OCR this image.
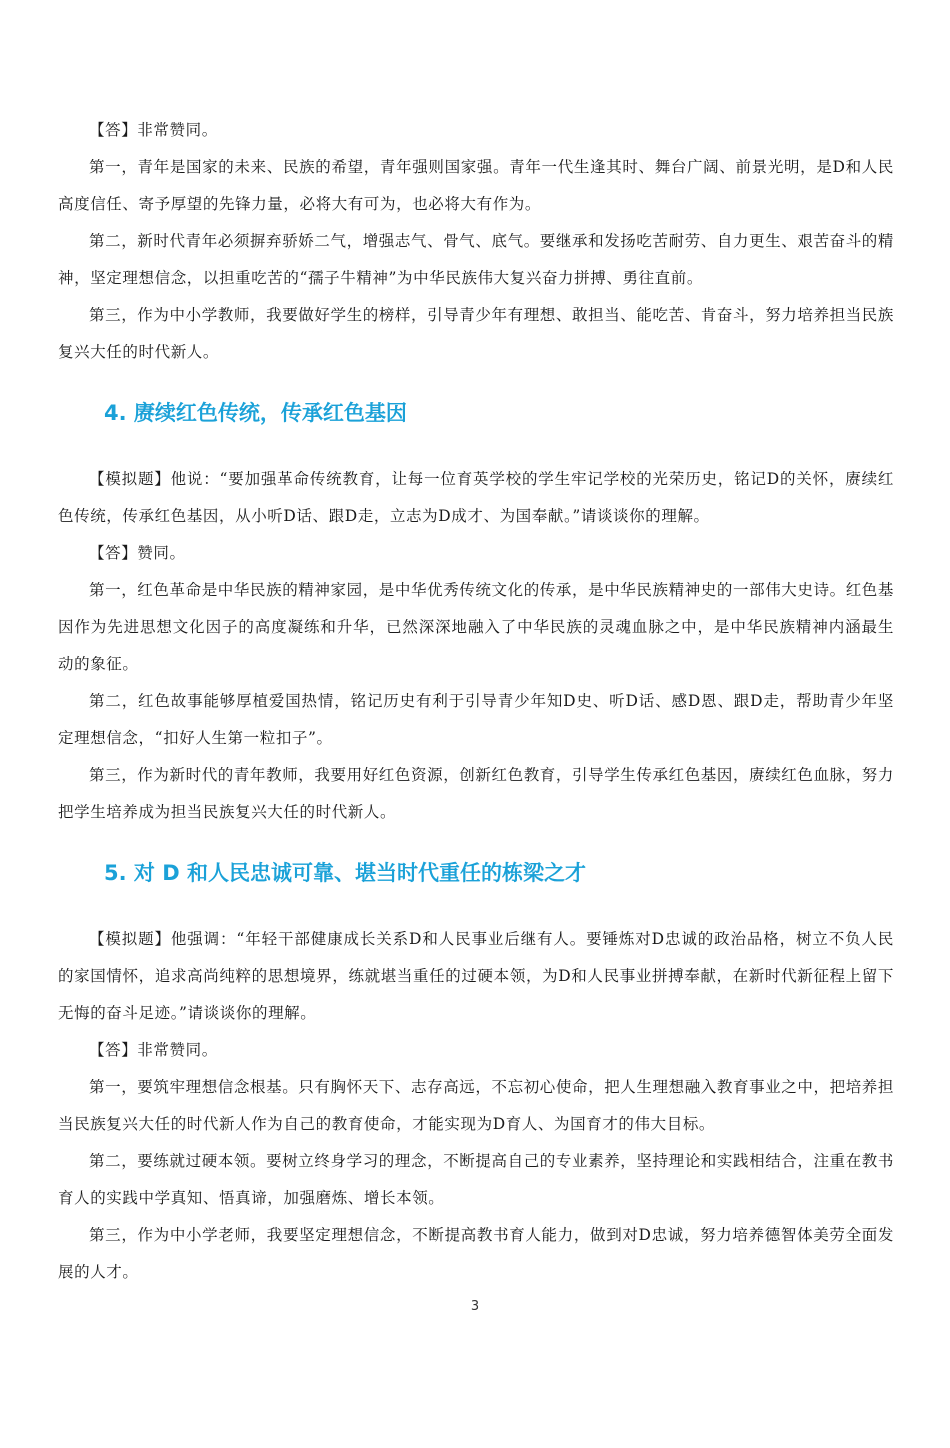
【答】非常赞同。

第一，青年是国家的未来、民族的希望，青年强则国家强。青年一代生逢其时、舞台广阔、前景光明，是D和人民高度信任、寄予厚望的先锋力量，必将大有可为，也必将大有作为。

第二，新时代青年必须摒弃骄娇二气，增强志气、骨气、底气。要继承和发扬吃苦耐劳、自力更生、艰苦奋斗的精神，坚定理想信念，以担重吃苦的“孺子牛精神”为中华民族伟大复兴奋力拼搏、勇往直前。

第三，作为中小学教师，我要做好学生的榜样，引导青少年有理想、敢担当、能吃苦、肯奋斗，努力培养担当民族复兴大任的时代新人。

4. 赓续红色传统，传承红色基因

【模拟题】他说：“要加强革命传统教育，让每一位育英学校的学生牢记学校的光荣历史，铭记D的关怀，赓续红色传统，传承红色基因，从小听D话、跟D走，立志为D成才、为国奉献。”请谈谈你的理解。

【答】赞同。

第一，红色革命是中华民族的精神家园，是中华优秀传统文化的传承，是中华民族精神史的一部伟大史诗。红色基因作为先进思想文化因子的高度凝练和升华，已然深深地融入了中华民族的灵魂血脉之中，是中华民族精神内涵最生动的象征。

第二，红色故事能够厚植爱国热情，铭记历史有利于引导青少年知D史、听D话、感D恩、跟D走，帮助青少年坚定理想信念，“扣好人生第一粒扣子”。

第三，作为新时代的青年教师，我要用好红色资源，创新红色教育，引导学生传承红色基因，赓续红色血脉，努力把学生培养成为担当民族复兴大任的时代新人。

5. 对 D 和人民忠诚可靠、堪当时代重任的栋梁之才

【模拟题】他强调：“年轻干部健康成长关系D和人民事业后继有人。要锤炼对D忠诚的政治品格，树立不负人民的家国情怀，追求高尚纯粹的思想境界，练就堪当重任的过硬本领，为D和人民事业拼搏奉献，在新时代新征程上留下无悔的奋斗足迹。”请谈谈你的理解。

【答】非常赞同。

第一，要筑牢理想信念根基。只有胸怀天下、志存高远，不忘初心使命，把人生理想融入教育事业之中，把培养担当民族复兴大任的时代新人作为自己的教育使命，才能实现为D育人、为国育才的伟大目标。

第二，要练就过硬本领。要树立终身学习的理念，不断提高自己的专业素养，坚持理论和实践相结合，注重在教书育人的实践中学真知、悟真谛，加强磨炼、增长本领。

第三，作为中小学老师，我要坚定理想信念，不断提高教书育人能力，做到对D忠诚，努力培养德智体美劳全面发展的人才。

3
